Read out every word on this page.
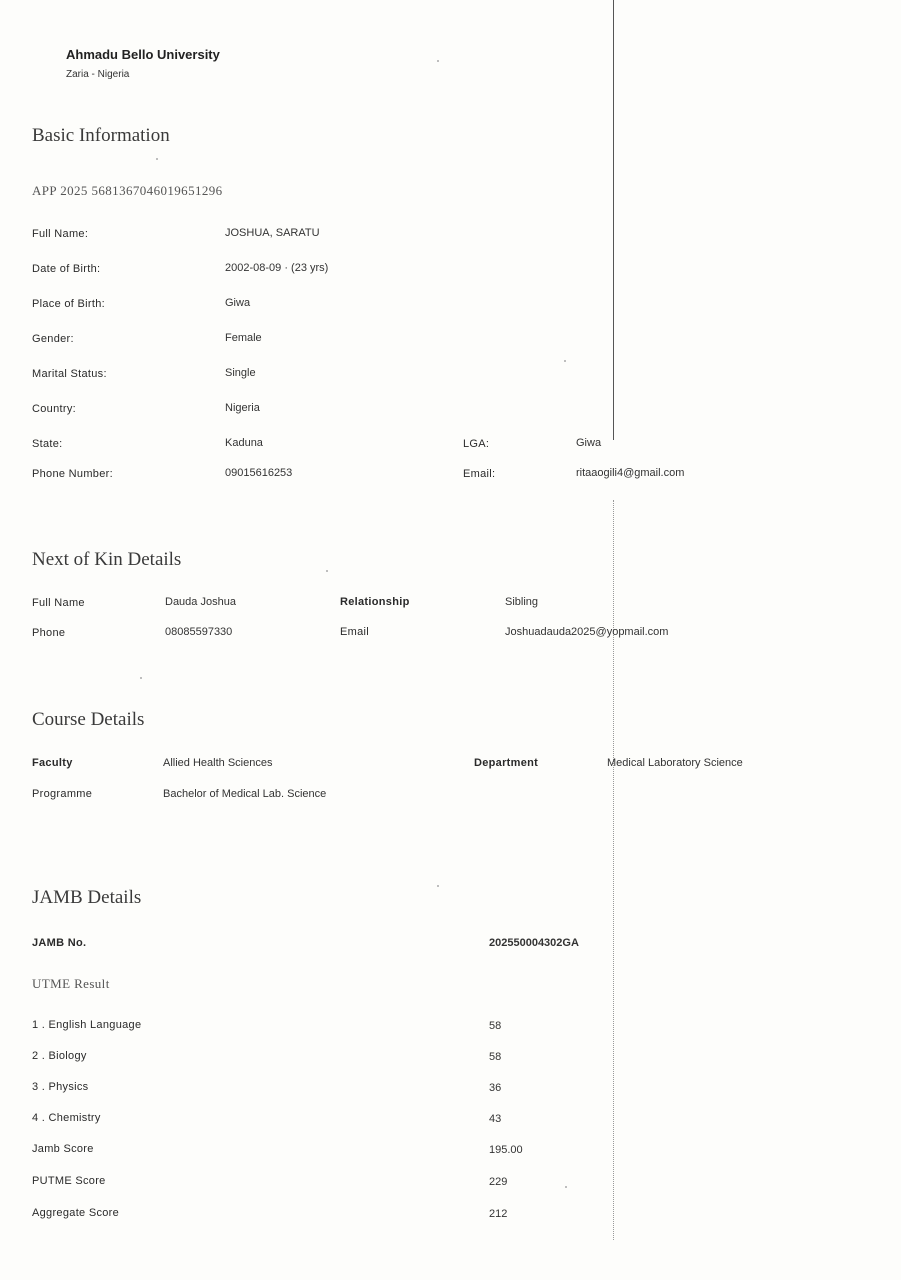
Ahmadu Bello University
Zaria - Nigeria
Basic Information
APP 2025 5681367046019651296
Full Name:	JOSHUA, SARATU
Date of Birth:	2002-08-09 · (23 yrs)
Place of Birth:	Giwa
Gender:	Female
Marital Status:	Single
Country:	Nigeria
State:	Kaduna	LGA:	Giwa
Phone Number:	09015616253	Email:	ritaaogili4@gmail.com
Next of Kin Details
Full Name	Dauda Joshua	Relationship	Sibling
Phone	08085597330	Email	Joshuadauda2025@yopmail.com
Course Details
Faculty	Allied Health Sciences	Department	Medical Laboratory Science
Programme	Bachelor of Medical Lab. Science
JAMB Details
JAMB No.	202550004302GA
UTME Result
1 . English Language	58
2 . Biology	58
3 . Physics	36
4 . Chemistry	43
Jamb Score	195.00
PUTME Score	229
Aggregate Score	212
